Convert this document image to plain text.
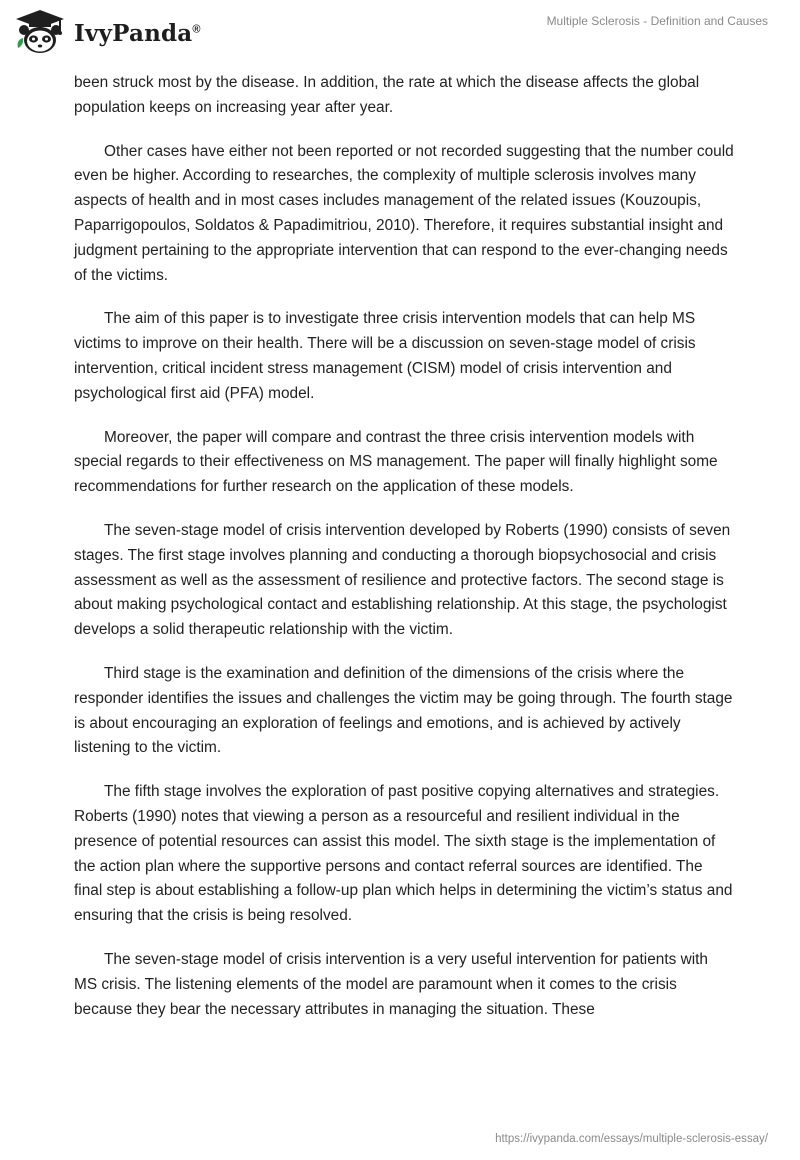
IvyPanda®
Multiple Sclerosis - Definition and Causes

been struck most by the disease. In addition, the rate at which the disease affects the global population keeps on increasing year after year.

Other cases have either not been reported or not recorded suggesting that the number could even be higher. According to researches, the complexity of multiple sclerosis involves many aspects of health and in most cases includes management of the related issues (Kouzoupis, Paparrigopoulos, Soldatos & Papadimitriou, 2010). Therefore, it requires substantial insight and judgment pertaining to the appropriate intervention that can respond to the ever-changing needs of the victims.

The aim of this paper is to investigate three crisis intervention models that can help MS victims to improve on their health. There will be a discussion on seven-stage model of crisis intervention, critical incident stress management (CISM) model of crisis intervention and psychological first aid (PFA) model.

Moreover, the paper will compare and contrast the three crisis intervention models with special regards to their effectiveness on MS management. The paper will finally highlight some recommendations for further research on the application of these models.

The seven-stage model of crisis intervention developed by Roberts (1990) consists of seven stages. The first stage involves planning and conducting a thorough biopsychosocial and crisis assessment as well as the assessment of resilience and protective factors. The second stage is about making psychological contact and establishing relationship. At this stage, the psychologist develops a solid therapeutic relationship with the victim.

Third stage is the examination and definition of the dimensions of the crisis where the responder identifies the issues and challenges the victim may be going through. The fourth stage is about encouraging an exploration of feelings and emotions, and is achieved by actively listening to the victim.

The fifth stage involves the exploration of past positive copying alternatives and strategies. Roberts (1990) notes that viewing a person as a resourceful and resilient individual in the presence of potential resources can assist this model. The sixth stage is the implementation of the action plan where the supportive persons and contact referral sources are identified. The final step is about establishing a follow-up plan which helps in determining the victim’s status and ensuring that the crisis is being resolved.

The seven-stage model of crisis intervention is a very useful intervention for patients with MS crisis. The listening elements of the model are paramount when it comes to the crisis because they bear the necessary attributes in managing the situation. These

https://ivypanda.com/essays/multiple-sclerosis-essay/
